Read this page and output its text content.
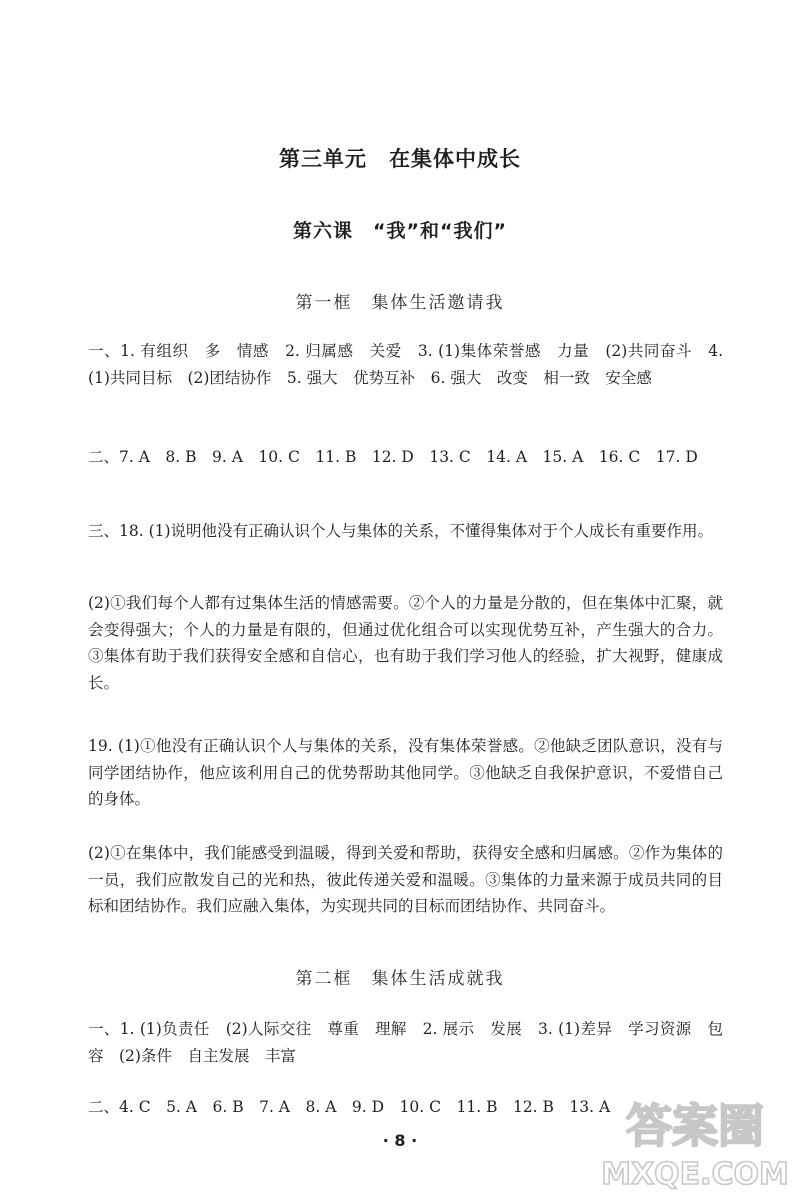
第三单元　在集体中成长
第六课　“我”和“我们”
第一框　集体生活邀请我
一、1. 有组织　多　情感　2. 归属感　关爱　3. (1)集体荣誉感　力量　(2)共同奋斗　4. (1)共同目标　(2)团结协作　5. 强大　优势互补　6. 强大　改变　相一致　安全感
二、7. A　8. B　9. A　10. C　11. B　12. D　13. C　14. A　15. A　16. C　17. D
三、18. (1)说明他没有正确认识个人与集体的关系，不懂得集体对于个人成长有重要作用。
(2)①我们每个人都有过集体生活的情感需要。②个人的力量是分散的，但在集体中汇聚，就会变得强大；个人的力量是有限的，但通过优化组合可以实现优势互补，产生强大的合力。③集体有助于我们获得安全感和自信心，也有助于我们学习他人的经验，扩大视野，健康成长。
19. (1)①他没有正确认识个人与集体的关系，没有集体荣誉感。②他缺乏团队意识，没有与同学团结协作，他应该利用自己的优势帮助其他同学。③他缺乏自我保护意识，不爱惜自己的身体。
(2)①在集体中，我们能感受到温暖，得到关爱和帮助，获得安全感和归属感。②作为集体的一员，我们应散发自己的光和热，彼此传递关爱和温暖。③集体的力量来源于成员共同的目标和团结协作。我们应融入集体，为实现共同的目标而团结协作、共同奋斗。
第二框　集体生活成就我
一、1. (1)负责任　(2)人际交往　尊重　理解　2. 展示　发展　3. (1)差异　学习资源　包容　(2)条件　自主发展　丰富
二、4. C　5. A　6. B　7. A　8. A　9. D　10. C　11. B　12. B　13. A
· 8 ·	答案圈
MXQE.COM
